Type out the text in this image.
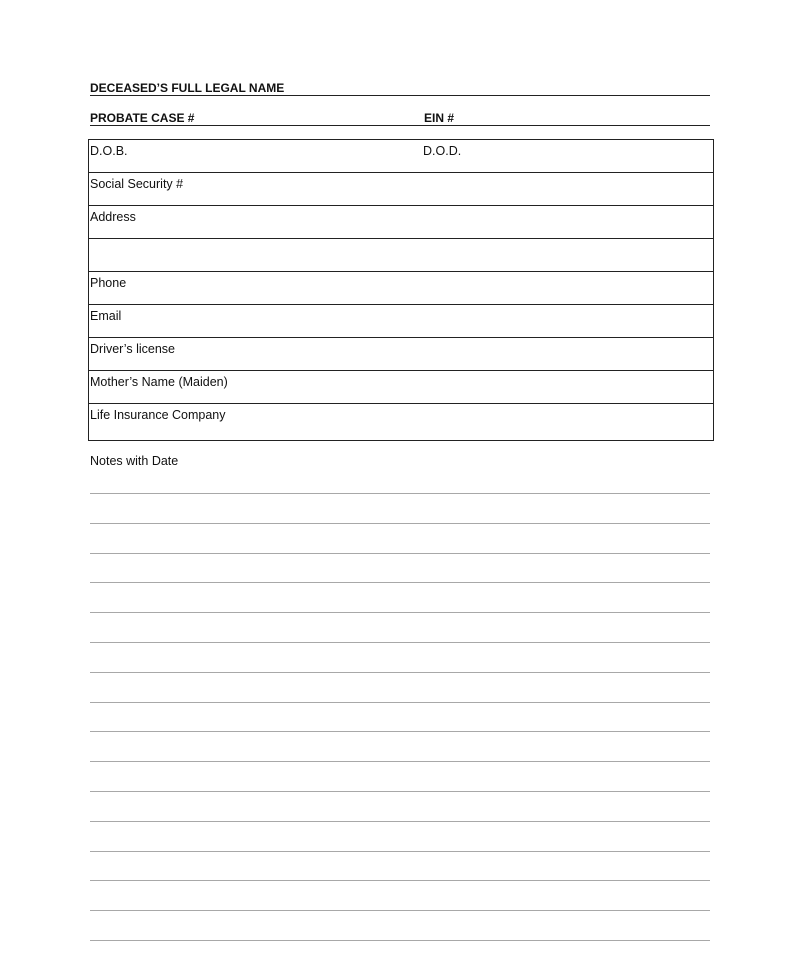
DECEASED’S FULL LEGAL NAME
PROBATE CASE #	EIN #
D.O.B.	D.O.D.
Social Security #
Address
Phone
Email
Driver’s license
Mother’s Name (Maiden)
Life Insurance Company
Notes with Date
